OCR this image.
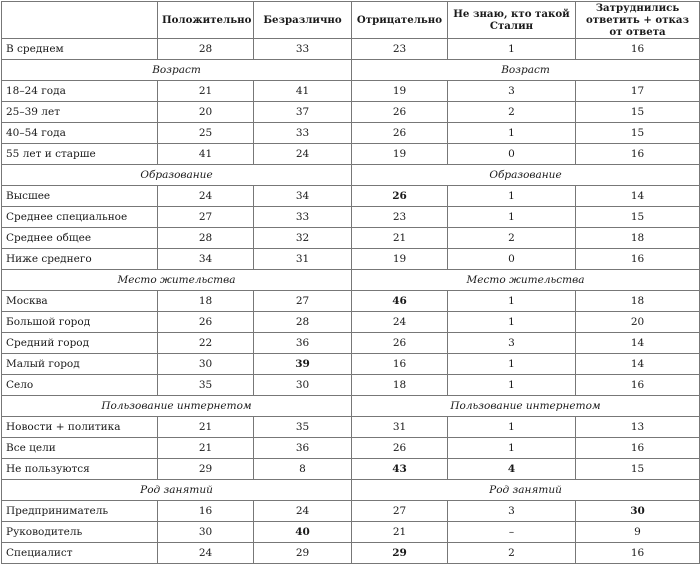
	Положительно	Безразлично	Отрицательно	Не знаю, кто такой Сталин	Затруднились ответить + отказ от ответа
В среднем	28	33	23	1	16
Возраст			Возраст		
18–24 года	21	41	19	3	17
25–39 лет	20	37	26	2	15
40–54 года	25	33	26	1	15
55 лет и старше	41	24	19	0	16
Образование			Образование		
Высшее	24	34	26	1	14
Среднее специальное	27	33	23	1	15
Среднее общее	28	32	21	2	18
Ниже среднего	34	31	19	0	16
Место жительства			Место жительства		
Москва	18	27	46	1	18
Большой город	26	28	24	1	20
Средний город	22	36	26	3	14
Малый город	30	39	16	1	14
Село	35	30	18	1	16
Пользование интернетом			Пользование интернетом		
Новости + политика	21	35	31	1	13
Все цели	21	36	26	1	16
Не пользуются	29	8	43	4	15
Род занятий			Род занятий		
Предприниматель	16	24	27	3	30
Руководитель	30	40	21	–	9
Специалист	24	29	29	2	16
